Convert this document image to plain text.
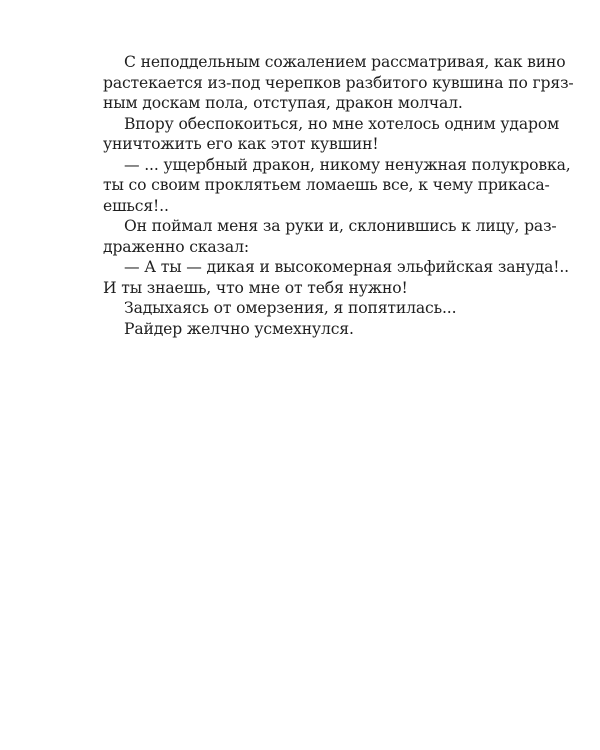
С неподдельным сожалением рассматривая, как вино
растекается из-под черепков разбитого кувшина по гряз-
ным доскам пола, отступая, дракон молчал.
Впору обеспокоиться, но мне хотелось одним ударом
уничтожить его как этот кувшин!
— ... ущербный дракон, никому ненужная полукровка,
ты со своим проклятьем ломаешь все, к чему прикаса-
ешься!..
Он поймал меня за руки и, склонившись к лицу, раз-
драженно сказал:
— А ты — дикая и высокомерная эльфийская зануда!..
И ты знаешь, что мне от тебя нужно!
Задыхаясь от омерзения, я попятилась...
Райдер желчно усмехнулся.
